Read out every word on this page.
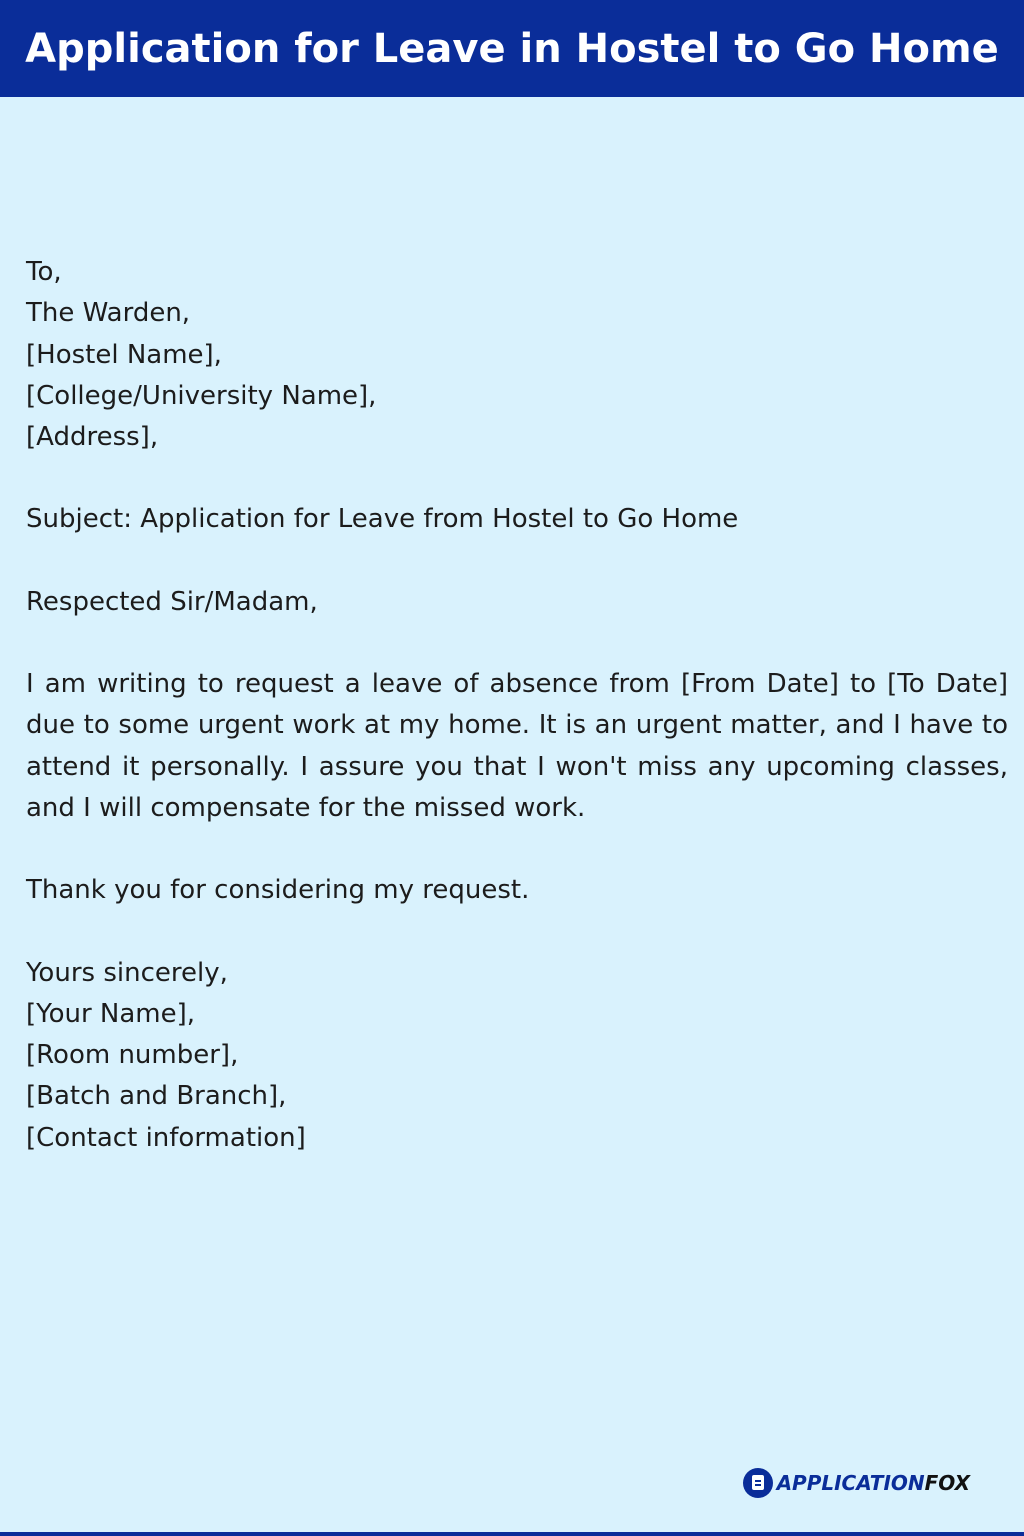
Application for Leave in Hostel to Go Home
To,
The Warden,
[Hostel Name],
[College/University Name],
[Address],
Subject: Application for Leave from Hostel to Go Home
Respected Sir/Madam,

I am writing to request a leave of absence from [From Date] to [To Date] due to some urgent work at my home. It is an urgent matter, and I have to attend it personally. I assure you that I won't miss any upcoming classes, and I will compensate for the missed work.

Thank you for considering my request.
Yours sincerely,
[Your Name],
[Room number],
[Batch and Branch],
[Contact information]
APPLICATIONFOX
